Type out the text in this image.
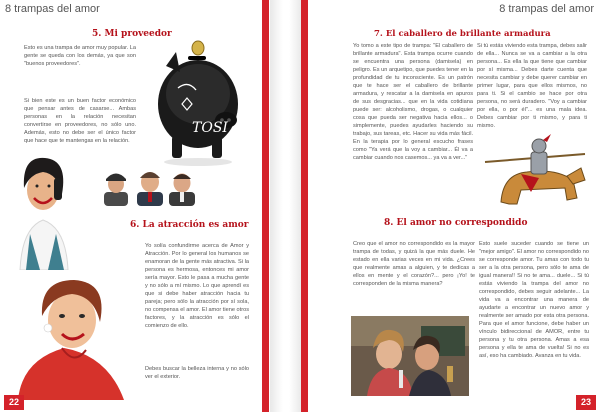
8 trampas del amor	8 trampas del amor
5. Mi proveedor
Esto es una trampa de amor muy popular. La gente se queda con los demás, ya que son "buenos proveedores".
Si bien este es un buen factor económico que pensar antes de casarse... Ambas personas en la relación necesitan convertirse en proveedores, no sólo uno. Además, esto no debe ser el único factor que hace que te mantengas en la relación.
TOSI
6. La atracción es amor
Yo solía confundirme acerca de Amor y Atracción. Por lo general los humanos se enamoran de la gente más atractiva. Si la persona es hermosa, entonces mi amor sería mayor. Esto le pasa a mucha gente y no sólo a mí mismo. Lo que aprendí es que si debe haber atracción hacia tu pareja; pero sólo la atracción por sí sola, no compensa el amor. El amor tiene otros factores, y la atracción es sólo el comienzo de ello.
Debes buscar la belleza interna y no sólo ver el exterior.
22
7. El caballero de brillante armadura
Yo tomo a este tipo de trampa: "El caballero de brillante armadura". Esta trampa ocurre cuando se encuentra una persona (damisela) en peligro. Es un arquetipo, que puedes tener en la profundidad de tu inconsciente. Es un patrón que te hace ser el caballero de brillante armadura, y rescatar a la damisela en apuros de sus desgracias... que en la vida cotidiana puede ser: alcoholismo, drogas, o cualquier cosa que pueda ser negativa hacia ellos... o simplemente, puedes ayudarles haciendo su trabajo, sus tareas, etc. Hacer su vida más fácil. En la terapia por lo general escucho frases como "Ya verá que la voy a cambiar... Él va a cambiar cuando nos casemos... ya va a ver..."
Si tú estás viviendo esta trampa, debes salir de ella... Nunca se va a cambiar a la otra persona... Es ella la que tiene que cambiar por sí misma... Debes darte cuenta que necesita cambiar y debe querer cambiar en primer lugar, para que ellos mismos, no para ti. Si el cambio se hace por otra persona, no será duradero. "Voy a cambiar por ella, o por él"... es una mala idea. Debes cambiar por ti mismo, y para ti mismo.
8. El amor no correspondido
Creo que el amor no correspondido es la mayor trampa de todas, y quizá la que más duele. He estado en ella varias veces en mi vida. ¿Crees que realmente amas a alguien, y te dedicas a ellos en mente y el corazón?... pero ¡Yo! te corresponden de la misma manera?
Esto suele suceder cuando se tiene un "mejor amigo". El amor no correspondido no se corresponde amor. Tu amas con todo tu ser a la otra persona, pero sólo te ama de igual manera!! Si no te ama... duele... Si tú estás viviendo la trampa del amor no correspondido, debes seguir adelante... La vida va a encontrar una manera de ayudarte a encontrar un nuevo amor y realmente ser amado por esta otra persona. Para que el amor funcione, debe haber un vínculo bidireccional de AMOR, entre tu persona y tu otra persona. Amas a esa persona y ella te ama de vuelta! Si no es así, eso ha cambiado. Avanza en tu vida.
23
